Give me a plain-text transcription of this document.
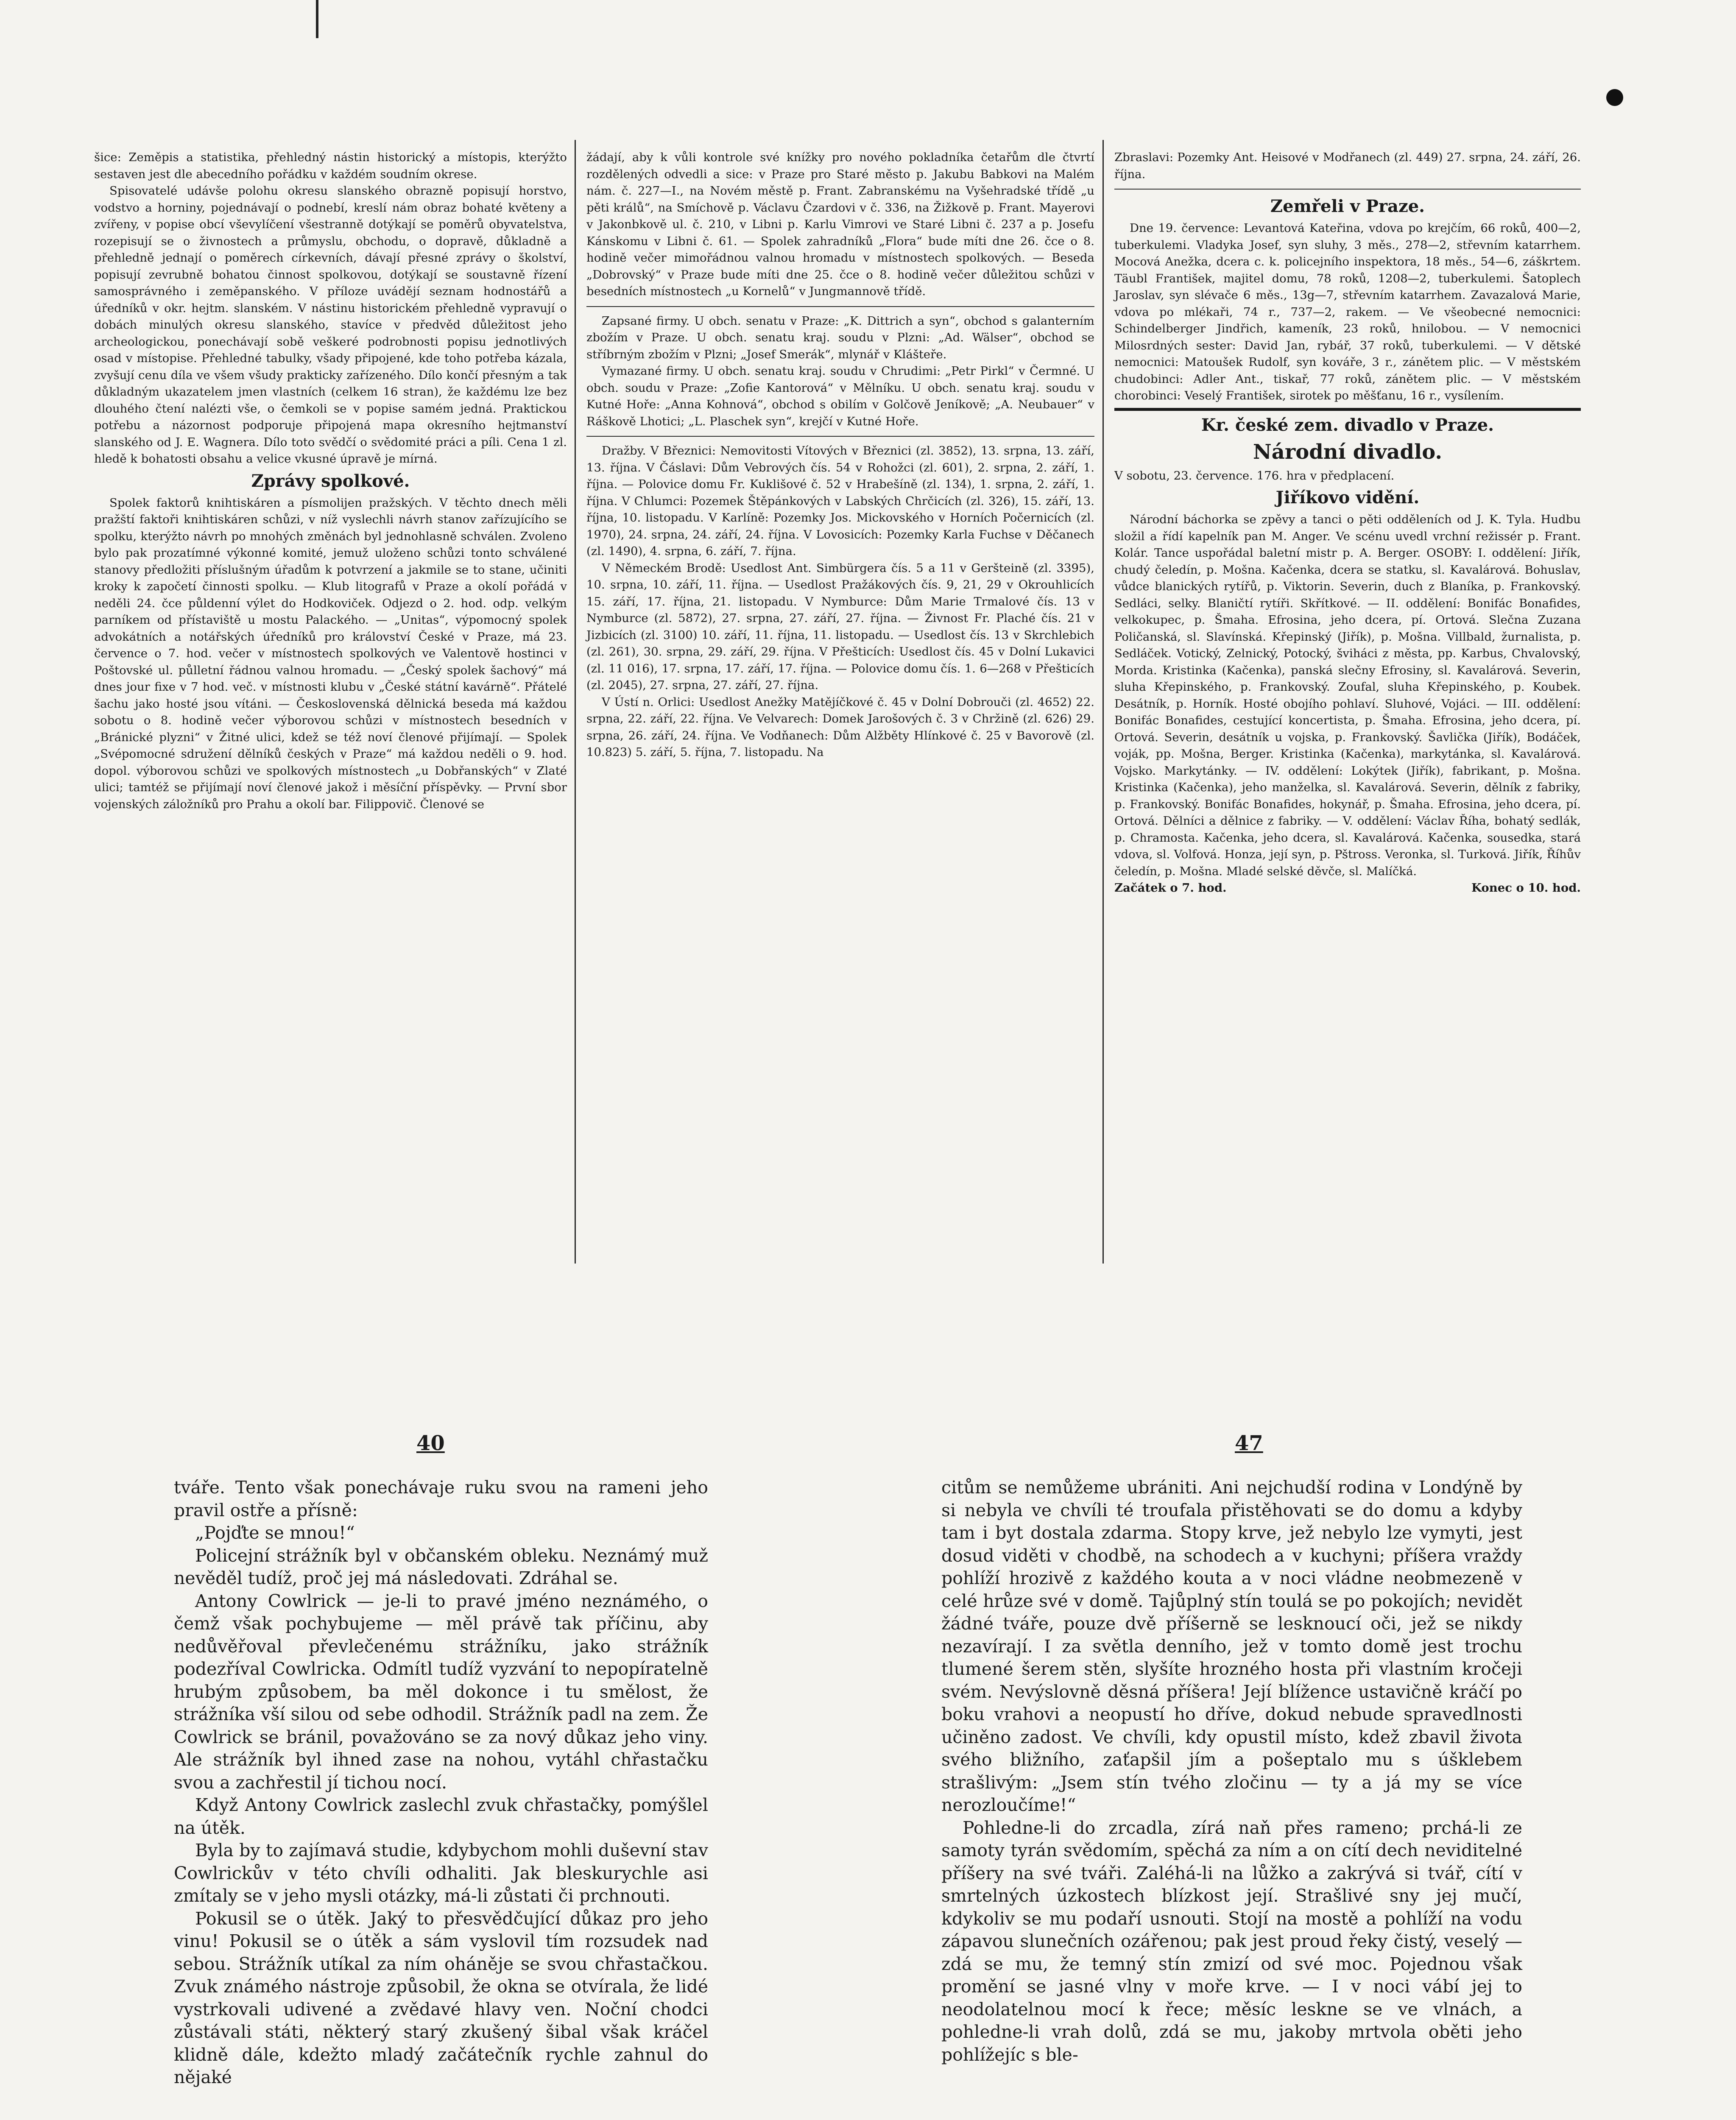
šice: Zeměpis a statistika, přehledný nástin historický a místopis, kterýžto sestaven jest dle abecedního pořádku v každém soudním okrese.

Spisovatelé udávše polohu okresu slanského obrazně popisují horstvo, vodstvo a horniny, pojednávají o podnebí, kreslí nám obraz bohaté květeny a zvířeny, v popise obcí vševylíčení všestranně dotýkají se poměrů obyvatelstva, rozepisují se o živnostech a průmyslu, obchodu, o dopravě, důkladně a přehledně jednají o poměrech církevních, dávají přesné zprávy o školství, popisují zevrubně bohatou činnost spolkovou, dotýkají se soustavně řízení samosprávného i zeměpanského. V příloze uvádějí seznam hodnostářů a úředníků v okr. hejtm. slanském. V nástinu historickém přehledně vypravují o dobách minulých okresu slanského, stavíce v předvěd důležitost jeho archeologickou, ponechávají sobě veškeré podrobnosti popisu jednotlivých osad v místopise. Přehledné tabulky, všady připojené, kde toho potřeba kázala, zvyšují cenu díla ve všem všudy prakticky zařízeného. Dílo končí přesným a tak důkladným ukazatelem jmen vlastních (celkem 16 stran), že každému lze bez dlouhého čtení nalézti vše, o čemkoli se v popise samém jedná. Praktickou potřebu a názornost podporuje připojená mapa okresního hejtmanství slanského od J. E. Wagnera. Dílo toto svědčí o svědomité práci a píli. Cena 1 zl. hledě k bohatosti obsahu a velice vkusné úpravě je mírná.

Zprávy spolkové.

Spolek faktorů knihtiskáren a písmolijen pražských. V těchto dnech měli pražští faktoři knihtiskáren schůzi, v níž vyslechli návrh stanov zařízujícího se spolku, kterýžto návrh po mnohých změnách byl jednohlasně schválen. Zvoleno bylo pak prozatímné výkonné komité, jemuž uloženo schůzi tonto schválené stanovy předložiti příslušným úřadům k potvrzení a jakmile se to stane, učiniti kroky k započetí činnosti spolku. — Klub litografů v Praze a okolí pořádá v neděli 24. čce půldenní výlet do Hodkoviček. Odjezd o 2. hod. odp. velkým parníkem od přístaviště u mostu Palackého. — „Unitas“, výpomocný spolek advokátních a notářských úředníků pro království České v Praze, má 23. července o 7. hod. večer v místnostech spolkových ve Valentově hostinci v Poštovské ul. půlletní řádnou valnou hromadu. — „Český spolek šachový“ má dnes jour fixe v 7 hod. več. v místnosti klubu v „České státní kavárně“. Přátelé šachu jako hosté jsou vítáni. — Československá dělnická beseda má každou sobotu o 8. hodině večer výborovou schůzi v místnostech besedních v „Bránické plyzni“ v Žitné ulici, kdež se též noví členové přijímají. — Spolek „Svépomocné sdružení dělníků českých v Praze“ má každou neděli o 9. hod. dopol. výborovou schůzi ve spolkových místnostech „u Dobřanských“ v Zlaté ulici; tamtéž se přijímají noví členové jakož i měsíční příspěvky. — První sbor vojenských záložníků pro Prahu a okolí bar. Filippovič. Členové se

žádají, aby k vůli kontrole své knížky pro nového pokladníka četařům dle čtvrtí rozdělených odvedli a sice: v Praze pro Staré město p. Jakubu Babkovi na Malém nám. č. 227—I., na Novém městě p. Frant. Zabranskému na Vyšehradské třídě „u pěti králů“, na Smíchově p. Václavu Čzardovi v č. 336, na Žižkově p. Frant. Mayerovi v Jakonbkově ul. č. 210, v Libni p. Karlu Vimrovi ve Staré Libni č. 237 a p. Josefu Kánskomu v Libni č. 61. — Spolek zahradníků „Flora“ bude míti dne 26. čce o 8. hodině večer mimořádnou valnou hromadu v místnostech spolkových. — Beseda „Dobrovský“ v Praze bude míti dne 25. čce o 8. hodině večer důležitou schůzi v besedních místnostech „u Kornelů“ v Jungmannově třídě.

Zapsané firmy. U obch. senatu v Praze: „K. Dittrich a syn“, obchod s galanterním zbožím v Praze. U obch. senatu kraj. soudu v Plzni: „Ad. Wälser“, obchod se stříbrným zbožím v Plzni; „Josef Smerák“, mlynář v Klášteře.

Vymazané firmy. U obch. senatu kraj. soudu v Chrudimi: „Petr Pirkl“ v Čermné. U obch. soudu v Praze: „Zofie Kantorová“ v Mělníku. U obch. senatu kraj. soudu v Kutné Hoře: „Anna Kohnová“, obchod s obilím v Golčově Jeníkově; „A. Neubauer“ v Ráškově Lhotici; „L. Plaschek syn“, krejčí v Kutné Hoře.

Dražby. V Březnici: Nemovitosti Vítových v Březnici (zl. 3852), 13. srpna, 13. září, 13. října. V Čáslavi: Dům Vebrových čís. 54 v Rohožci (zl. 601), 2. srpna, 2. září, 1. října. — Polovice domu Fr. Kuklišové č. 52 v Hrabešíně (zl. 134), 1. srpna, 2. září, 1. října. V Chlumci: Pozemek Štěpánkových v Labských Chrčicích (zl. 326), 15. září, 13. října, 10. listopadu. V Karlíně: Pozemky Jos. Mickovského v Horních Počernicích (zl. 1970), 24. srpna, 24. září, 24. října. V Lovosicích: Pozemky Karla Fuchse v Děčanech (zl. 1490), 4. srpna, 6. září, 7. října.

V Německém Brodě: Usedlost Ant. Simbürgera čís. 5 a 11 v Geršteině (zl. 3395), 10. srpna, 10. září, 11. října. — Usedlost Pražákových čís. 9, 21, 29 v Okrouhlicích 15. září, 17. října, 21. listopadu. V Nymburce: Dům Marie Trmalové čís. 13 v Nymburce (zl. 5872), 27. srpna, 27. září, 27. října. — Živnost Fr. Plaché čís. 21 v Jizbicích (zl. 3100) 10. září, 11. října, 11. listopadu. — Usedlost čís. 13 v Skrchlebich (zl. 261), 30. srpna, 29. září, 29. října. V Přešticích: Usedlost čís. 45 v Dolní Lukavici (zl. 11 016), 17. srpna, 17. září, 17. října. — Polovice domu čís. 1. 6—268 v Přešticích (zl. 2045), 27. srpna, 27. září, 27. října.

V Ústí n. Orlici: Usedlost Anežky Matějíčkové č. 45 v Dolní Dobrouči (zl. 4652) 22. srpna, 22. září, 22. října. Ve Velvarech: Domek Jarošových č. 3 v Chržině (zl. 626) 29. srpna, 26. září, 24. října. Ve Vodňanech: Dům Alžběty Hlínkové č. 25 v Bavorově (zl. 10.823) 5. září, 5. října, 7. listopadu. Na

Zbraslavi: Pozemky Ant. Heisové v Modřanech (zl. 449) 27. srpna, 24. září, 26. října.

Zemřeli v Praze.

Dne 19. července: Levantová Kateřina, vdova po krejčím, 66 roků, 400—2, tuberkulemi. Vladyka Josef, syn sluhy, 3 měs., 278—2, střevním katarrhem. Mocová Anežka, dcera c. k. policejního inspektora, 18 měs., 54—6, záškrtem. Täubl František, majitel domu, 78 roků, 1208—2, tuberkulemi. Šatoplech Jaroslav, syn slévače 6 měs., 13g—7, střevním katarrhem. Zavazalová Marie, vdova po mlékaři, 74 r., 737—2, rakem. — Ve všeobecné nemocnici: Schindelberger Jindřich, kameník, 23 roků, hnilobou. — V nemocnici Milosrdných sester: David Jan, rybář, 37 roků, tuberkulemi. — V dětské nemocnici: Matoušek Rudolf, syn kováře, 3 r., zánětem plic. — V městském chudobinci: Adler Ant., tiskař, 77 roků, zánětem plic. — V městském chorobinci: Veselý František, sirotek po měšťanu, 16 r., vysílením.

Kr. české zem. divadlo v Praze.

Národní divadlo.

V sobotu, 23. července. 176. hra v předplacení.

Jiříkovo vidění.

Národní báchorka se zpěvy a tanci o pěti odděleních od J. K. Tyla. Hudbu složil a řídí kapelník pan M. Anger. Ve scénu uvedl vrchní režissér p. Frant. Kolár. Tance uspořádal baletní mistr p. A. Berger. OSOBY: I. oddělení: Jiřík, chudý čeledín, p. Mošna. Kačenka, dcera se statku, sl. Kavalárová. Bohuslav, vůdce blanických rytířů, p. Viktorin. Severin, duch z Blaníka, p. Frankovský. Sedláci, selky. Blaničtí rytíři. Skřítkové. — II. oddělení: Bonifác Bonafides, velkokupec, p. Šmaha. Efrosina, jeho dcera, pí. Ortová. Slečna Zuzana Poličanská, sl. Slavínská. Křepinský (Jiřík), p. Mošna. Villbald, žurnalista, p. Sedláček. Votický, Zelnický, Potocký, šviháci z města, pp. Karbus, Chvalovský, Morda. Kristinka (Kačenka), panská slečny Efrosiny, sl. Kavalárová. Severin, sluha Křepinského, p. Frankovský. Zoufal, sluha Křepinského, p. Koubek. Desátník, p. Horník. Hosté obojího pohlaví. Sluhové, Vojáci. — III. oddělení: Bonifác Bonafides, cestující koncertista, p. Šmaha. Efrosina, jeho dcera, pí. Ortová. Severin, desátník u vojska, p. Frankovský. Šavlička (Jiřík), Bodáček, voják, pp. Mošna, Berger. Kristinka (Kačenka), markytánka, sl. Kavalárová. Vojsko. Markytánky. — IV. oddělení: Lokýtek (Jiřík), fabrikant, p. Mošna. Kristinka (Kačenka), jeho manželka, sl. Kavalárová. Severin, dělník z fabriky, p. Frankovský. Bonifác Bonafides, hokynář, p. Šmaha. Efrosina, jeho dcera, pí. Ortová. Dělníci a dělnice z fabriky. — V. oddělení: Václav Říha, bohatý sedlák, p. Chramosta. Kačenka, jeho dcera, sl. Kavalárová. Kačenka, sousedka, stará vdova, sl. Volfová. Honza, její syn, p. Pštross. Veronka, sl. Turková. Jiřík, Říhův čeledín, p. Mošna. Mladé selské děvče, sl. Malíčká.

Začátek o 7. hod.	Konec o 10. hod.
40	47

tváře. Tento však ponechávaje ruku svou na rameni jeho pravil ostře a přísně:

„Pojďte se mnou!“

Policejní strážník byl v občanském obleku. Neznámý muž nevěděl tudíž, proč jej má následovati. Zdráhal se.

Antony Cowlrick — je-li to pravé jméno neznámého, o čemž však pochybujeme — měl právě tak příčinu, aby nedůvěřoval převlečenému strážníku, jako strážník podezříval Cowlricka. Odmítl tudíž vyzvání to nepopíratelně hrubým způsobem, ba měl dokonce i tu smělost, že strážníka vší silou od sebe odhodil. Strážník padl na zem. Že Cowlrick se bránil, považováno se za nový důkaz jeho viny. Ale strážník byl ihned zase na nohou, vytáhl chřastačku svou a zachřestil jí tichou nocí.

Když Antony Cowlrick zaslechl zvuk chřastačky, pomýšlel na útěk.

Byla by to zajímavá studie, kdybychom mohli duševní stav Cowlrickův v této chvíli odhaliti. Jak bleskurychle asi zmítaly se v jeho mysli otázky, má-li zůstati či prchnouti.

Pokusil se o útěk. Jaký to přesvědčující důkaz pro jeho vinu! Pokusil se o útěk a sám vyslovil tím rozsudek nad sebou. Strážník utíkal za ním oháněje se svou chřastačkou. Zvuk známého nástroje způsobil, že okna se otvírala, že lidé vystrkovali udivené a zvědavé hlavy ven. Noční chodci zůstávali státi, některý starý zkušený šibal však kráčel klidně dále, kdežto mladý začátečník rychle zahnul do nějaké

citům se nemůžeme ubrániti. Ani nejchudší rodina v Londýně by si nebyla ve chvíli té troufala přistěhovati se do domu a kdyby tam i byt dostala zdarma. Stopy krve, jež nebylo lze vymyti, jest dosud viděti v chodbě, na schodech a v kuchyni; příšera vraždy pohlíží hrozivě z každého kouta a v noci vládne neobmezeně v celé hrůze své v domě. Tajůplný stín toulá se po pokojích; nevidět žádné tváře, pouze dvě příšerně se lesknoucí oči, jež se nikdy nezavírají. I za světla denního, jež v tomto domě jest trochu tlumené šerem stěn, slyšíte hrozného hosta při vlastním kročeji svém. Nevýslovně děsná příšera! Její blížence ustavičně kráčí po boku vrahovi a neopustí ho dříve, dokud nebude spravedlnosti učiněno zadost. Ve chvíli, kdy opustil místo, kdež zbavil života svého bližního, zaťapšil jím a pošeptalo mu s úšklebem strašlivým: „Jsem stín tvého zločinu — ty a já my se více nerozloučíme!“

Pohledne-li do zrcadla, zírá naň přes rameno; prchá-li ze samoty tyrán svědomím, spěchá za ním a on cítí dech neviditelné příšery na své tváři. Zaléhá-li na lůžko a zakrývá si tvář, cítí v smrtelných úzkostech blízkost její. Strašlivé sny jej mučí, kdykoliv se mu podaří usnouti. Stojí na mostě a pohlíží na vodu zápavou slunečních ozářenou; pak jest proud řeky čistý, veselý — zdá se mu, že temný stín zmizí od své moc. Pojednou však promění se jasné vlny v moře krve. — I v noci vábí jej to neodolatelnou mocí k řece; měsíc leskne se ve vlnách, a pohledne-li vrah dolů, zdá se mu, jakoby mrtvola oběti jeho pohlížejíc s ble-
